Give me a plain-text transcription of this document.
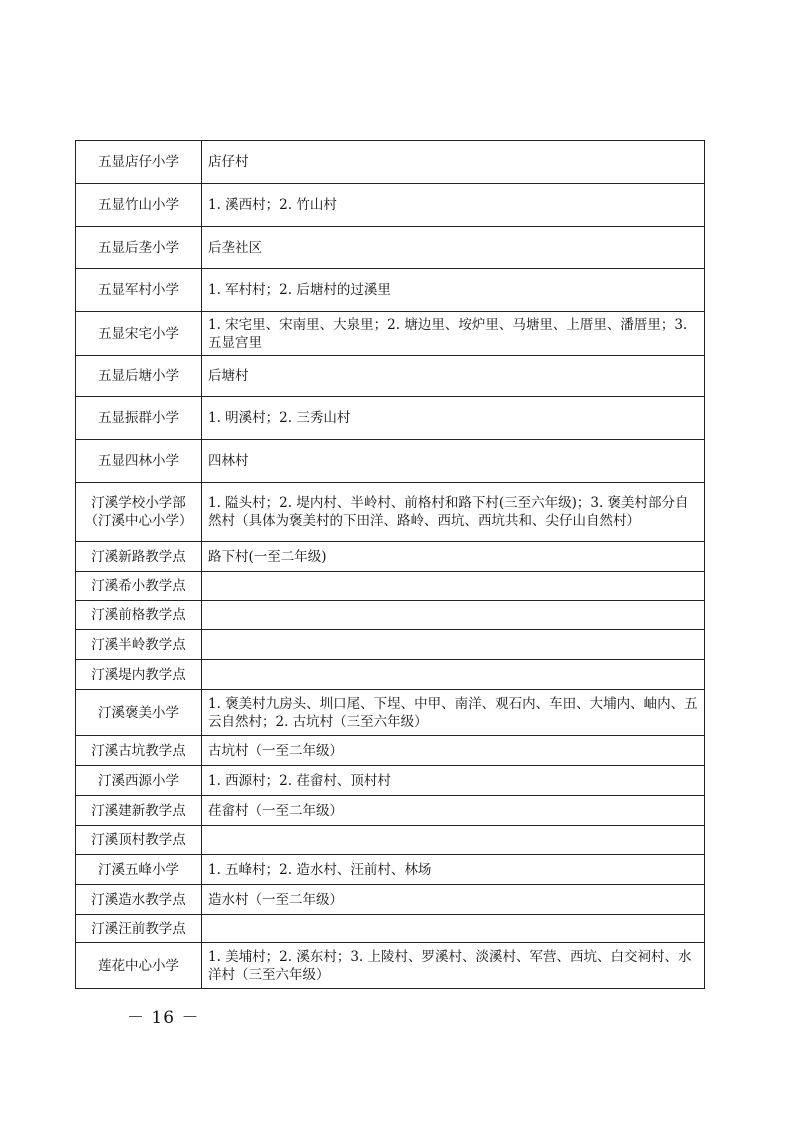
五显店仔小学	店仔村
五显竹山小学	1. 溪西村；2. 竹山村
五显后垄小学	后垄社区
五显军村小学	1. 军村村；2. 后塘村的过溪里
五显宋宅小学	1. 宋宅里、宋南里、大泉里；2. 塘边里、垵炉里、马塘里、上厝里、潘厝里；3. 五显宫里
五显后塘小学	后塘村
五显振群小学	1. 明溪村；2. 三秀山村
五显四林小学	四林村
汀溪学校小学部（汀溪中心小学）	1. 隘头村；2. 堤内村、半岭村、前格村和路下村(三至六年级)；3. 褒美村部分自然村（具体为褒美村的下田洋、路岭、西坑、西坑共和、尖仔山自然村）
汀溪新路教学点	路下村(一至二年级)
汀溪希小教学点	
汀溪前格教学点	
汀溪半岭教学点	
汀溪堤内教学点	
汀溪褒美小学	1. 褒美村九房头、圳口尾、下埕、中甲、南洋、观石内、车田、大埔内、岫内、五云自然村；2. 古坑村（三至六年级）
汀溪古坑教学点	古坑村（一至二年级）
汀溪西源小学	1. 西源村；2. 荏畲村、顶村村
汀溪建新教学点	荏畲村（一至二年级）
汀溪顶村教学点	
汀溪五峰小学	1. 五峰村；2. 造水村、汪前村、林场
汀溪造水教学点	造水村（一至二年级）
汀溪汪前教学点	
莲花中心小学	1. 美埔村；2. 溪东村；3. 上陵村、罗溪村、淡溪村、军营、西坑、白交祠村、水洋村（三至六年级）
－ 16 －
